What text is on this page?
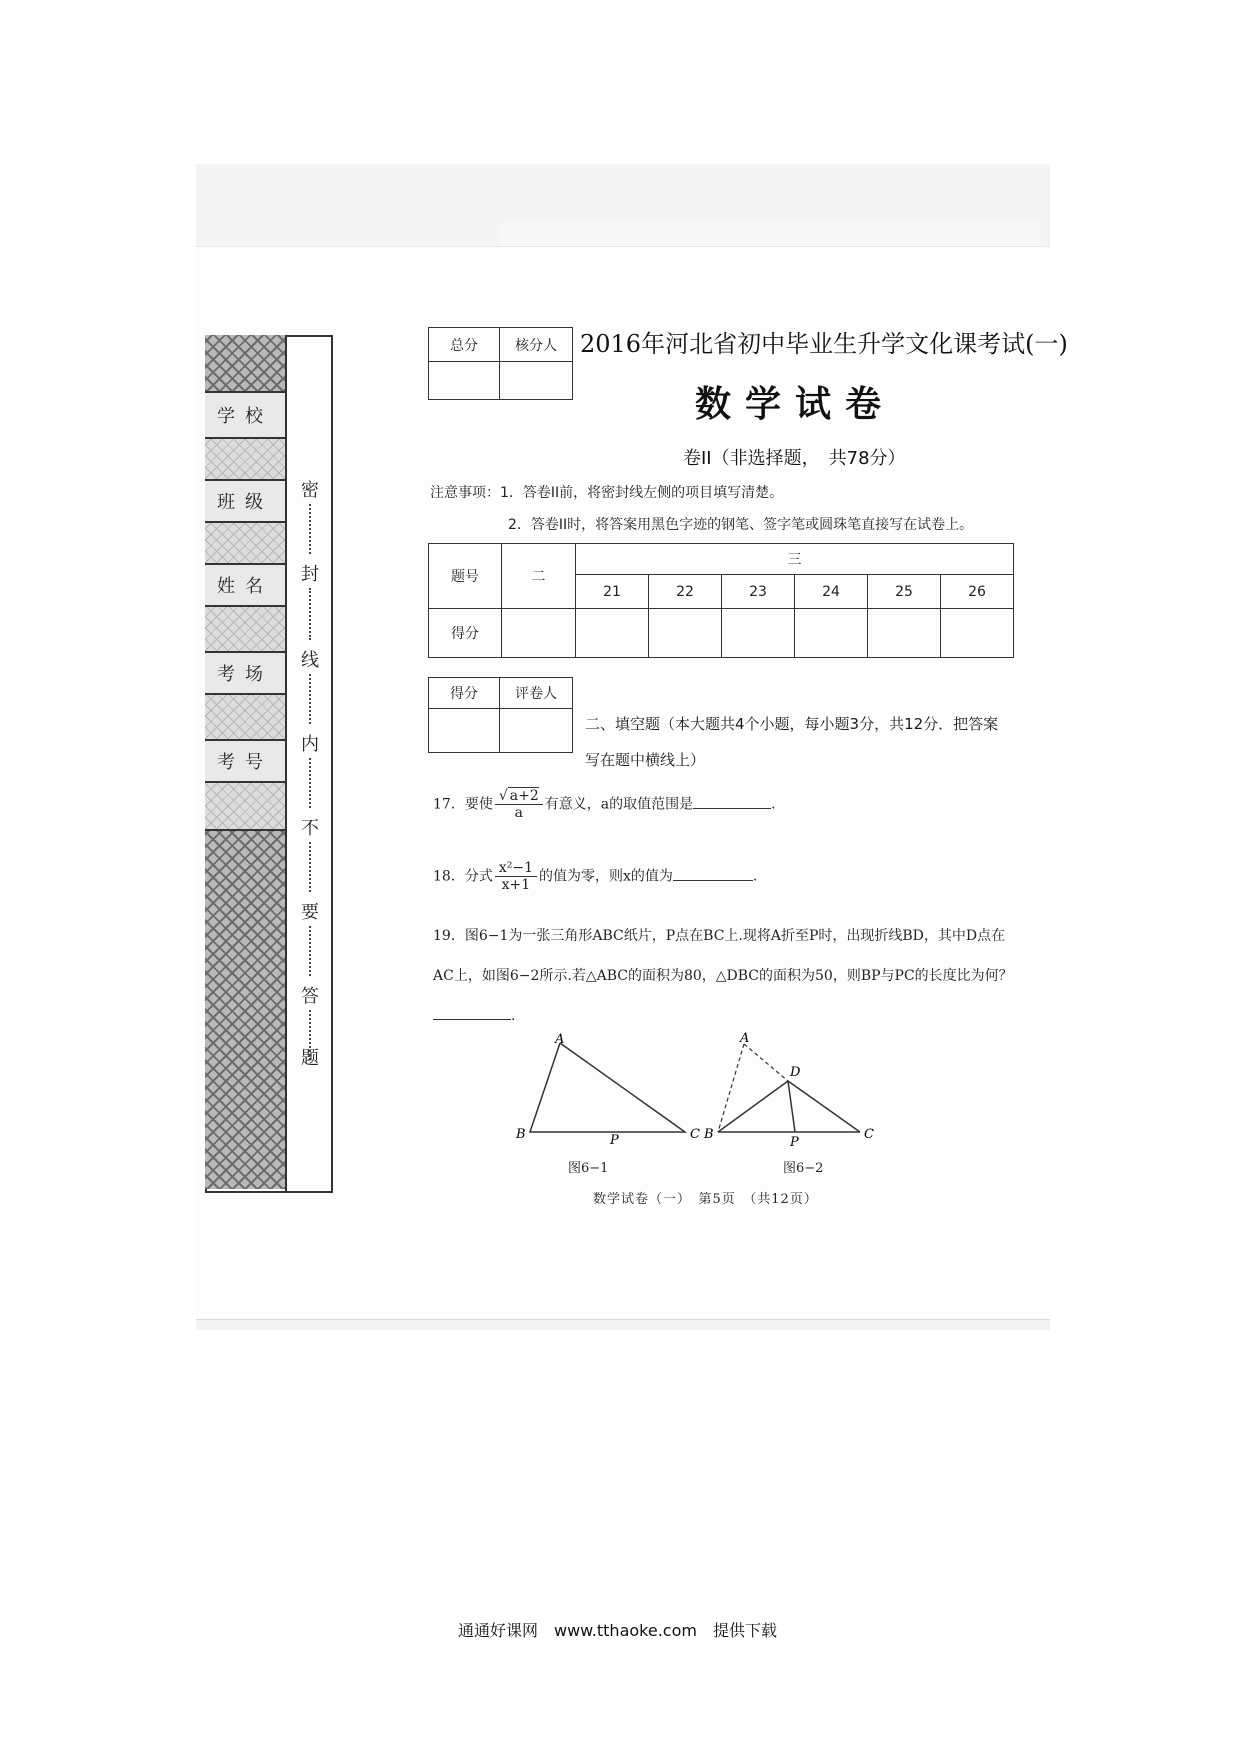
学校
班级
姓名
考场
考号
密
封
线
内
不
要
答
题
总分	核分人
	2016年河北省初中毕业生升学文化课考试(一)
数学试卷
卷II（非选择题，　共78分）
注意事项：1．答卷II前，将密封线左侧的项目填写清楚。
2．答卷II时，将答案用黑色字迹的钢笔、签字笔或圆珠笔直接写在试卷上。
题号	二	三					
		21	22	23	24	25	26
得分							
得分	评卷人

二、填空题（本大题共4个小题，每小题3分，共12分．把答案写在题中横线上）
17．要使 $\frac{√ a+2}{a}$ 有意义，a的取值范围是	.
18．分式 $\frac{\text{x²−1}}{x+1}$ 的值为零，则x的值为	.
19．图6−1为一张三角形ABC纸片，P点在BC上.现将A折至P时，出现折线BD，其中D点在AC上，如图6−2所示.若△ABC的面积为80，△DBC的面积为50，则BP与PC的长度比为何？.
A
B	P	C
图6−1
A
D
B
P
C
图6−2
数学试卷（一）　第5页　（共12页）
通通好课网　www.tthaoke.com　提供下载
